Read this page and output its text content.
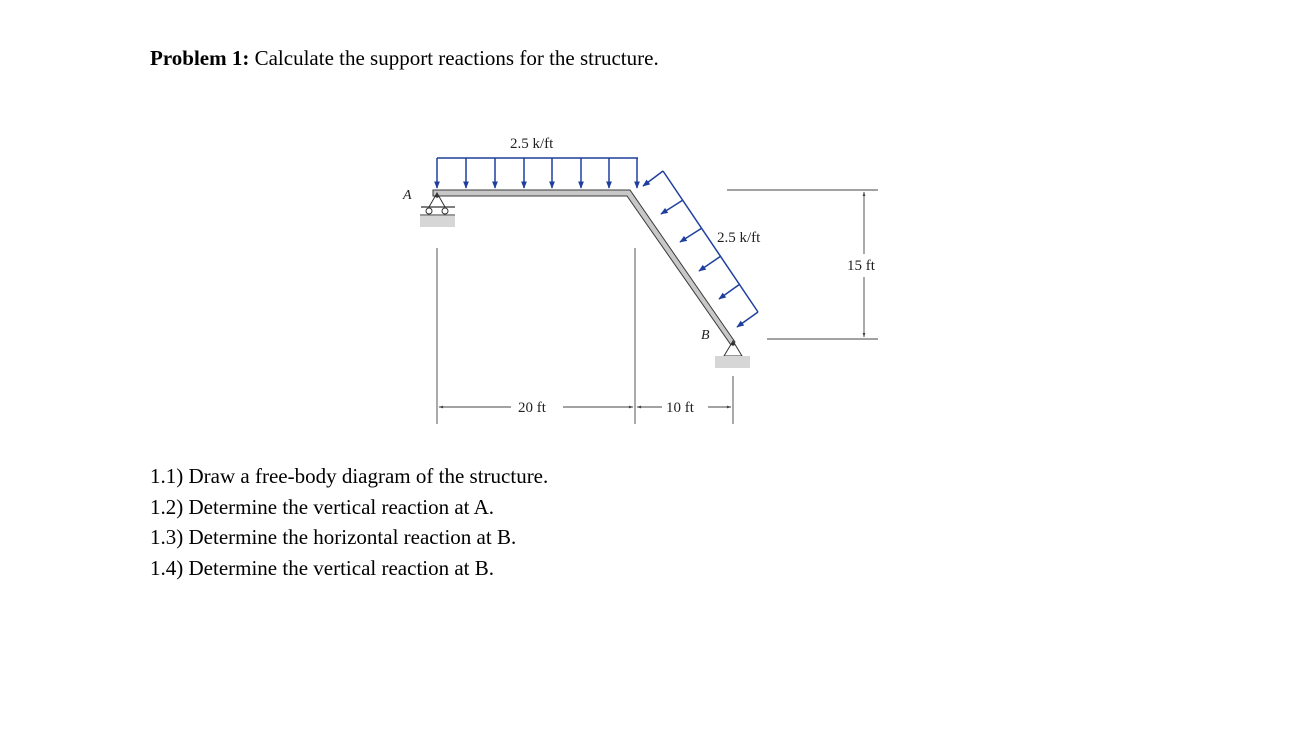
Problem 1: Calculate the support reactions for the structure.
A
B
2.5 k/ft
2.5 k/ft
20 ft	10 ft
15 ft
1.1) Draw a free-body diagram of the structure.
1.2) Determine the vertical reaction at A.
1.3) Determine the horizontal reaction at B.
1.4) Determine the vertical reaction at B.
